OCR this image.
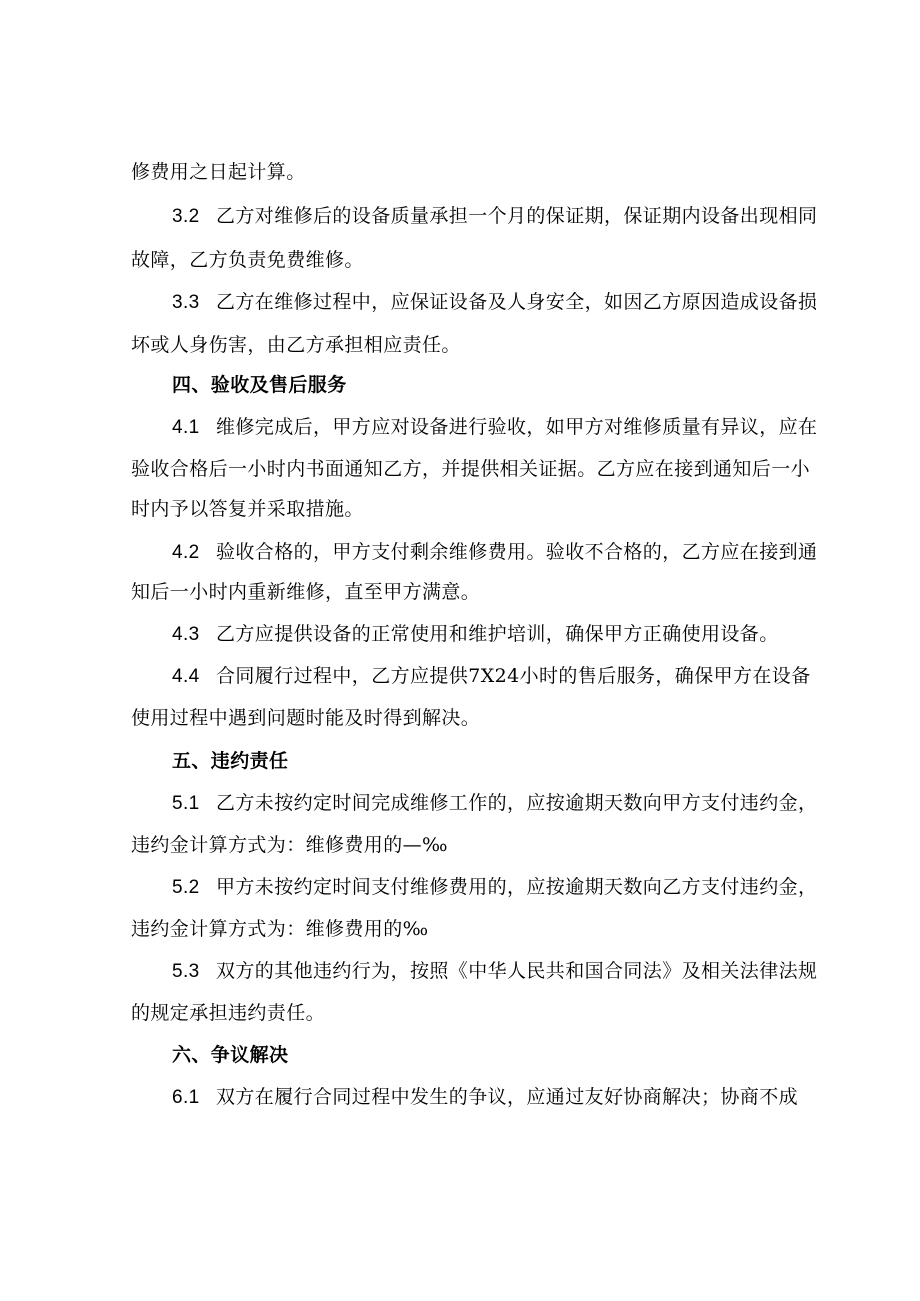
修费用之日起计算。
3.2 乙方对维修后的设备质量承担一个月的保证期，保证期内设备出现相同
故障，乙方负责免费维修。
3.3 乙方在维修过程中，应保证设备及人身安全，如因乙方原因造成设备损
坏或人身伤害，由乙方承担相应责任。
四、验收及售后服务
4.1 维修完成后，甲方应对设备进行验收，如甲方对维修质量有异议，应在
验收合格后一小时内书面通知乙方，并提供相关证据。乙方应在接到通知后一小
时内予以答复并采取措施。
4.2 验收合格的，甲方支付剩余维修费用。验收不合格的，乙方应在接到通
知后一小时内重新维修，直至甲方满意。
4.3 乙方应提供设备的正常使用和维护培训，确保甲方正确使用设备。
4.4 合同履行过程中，乙方应提供7X24小时的售后服务，确保甲方在设备
使用过程中遇到问题时能及时得到解决。
五、违约责任
5.1 乙方未按约定时间完成维修工作的，应按逾期天数向甲方支付违约金，
违约金计算方式为：维修费用的—‰
5.2 甲方未按约定时间支付维修费用的，应按逾期天数向乙方支付违约金，
违约金计算方式为：维修费用的‰
5.3 双方的其他违约行为，按照《中华人民共和国合同法》及相关法律法规
的规定承担违约责任。
六、争议解决
6.1 双方在履行合同过程中发生的争议，应通过友好协商解决；协商不成
